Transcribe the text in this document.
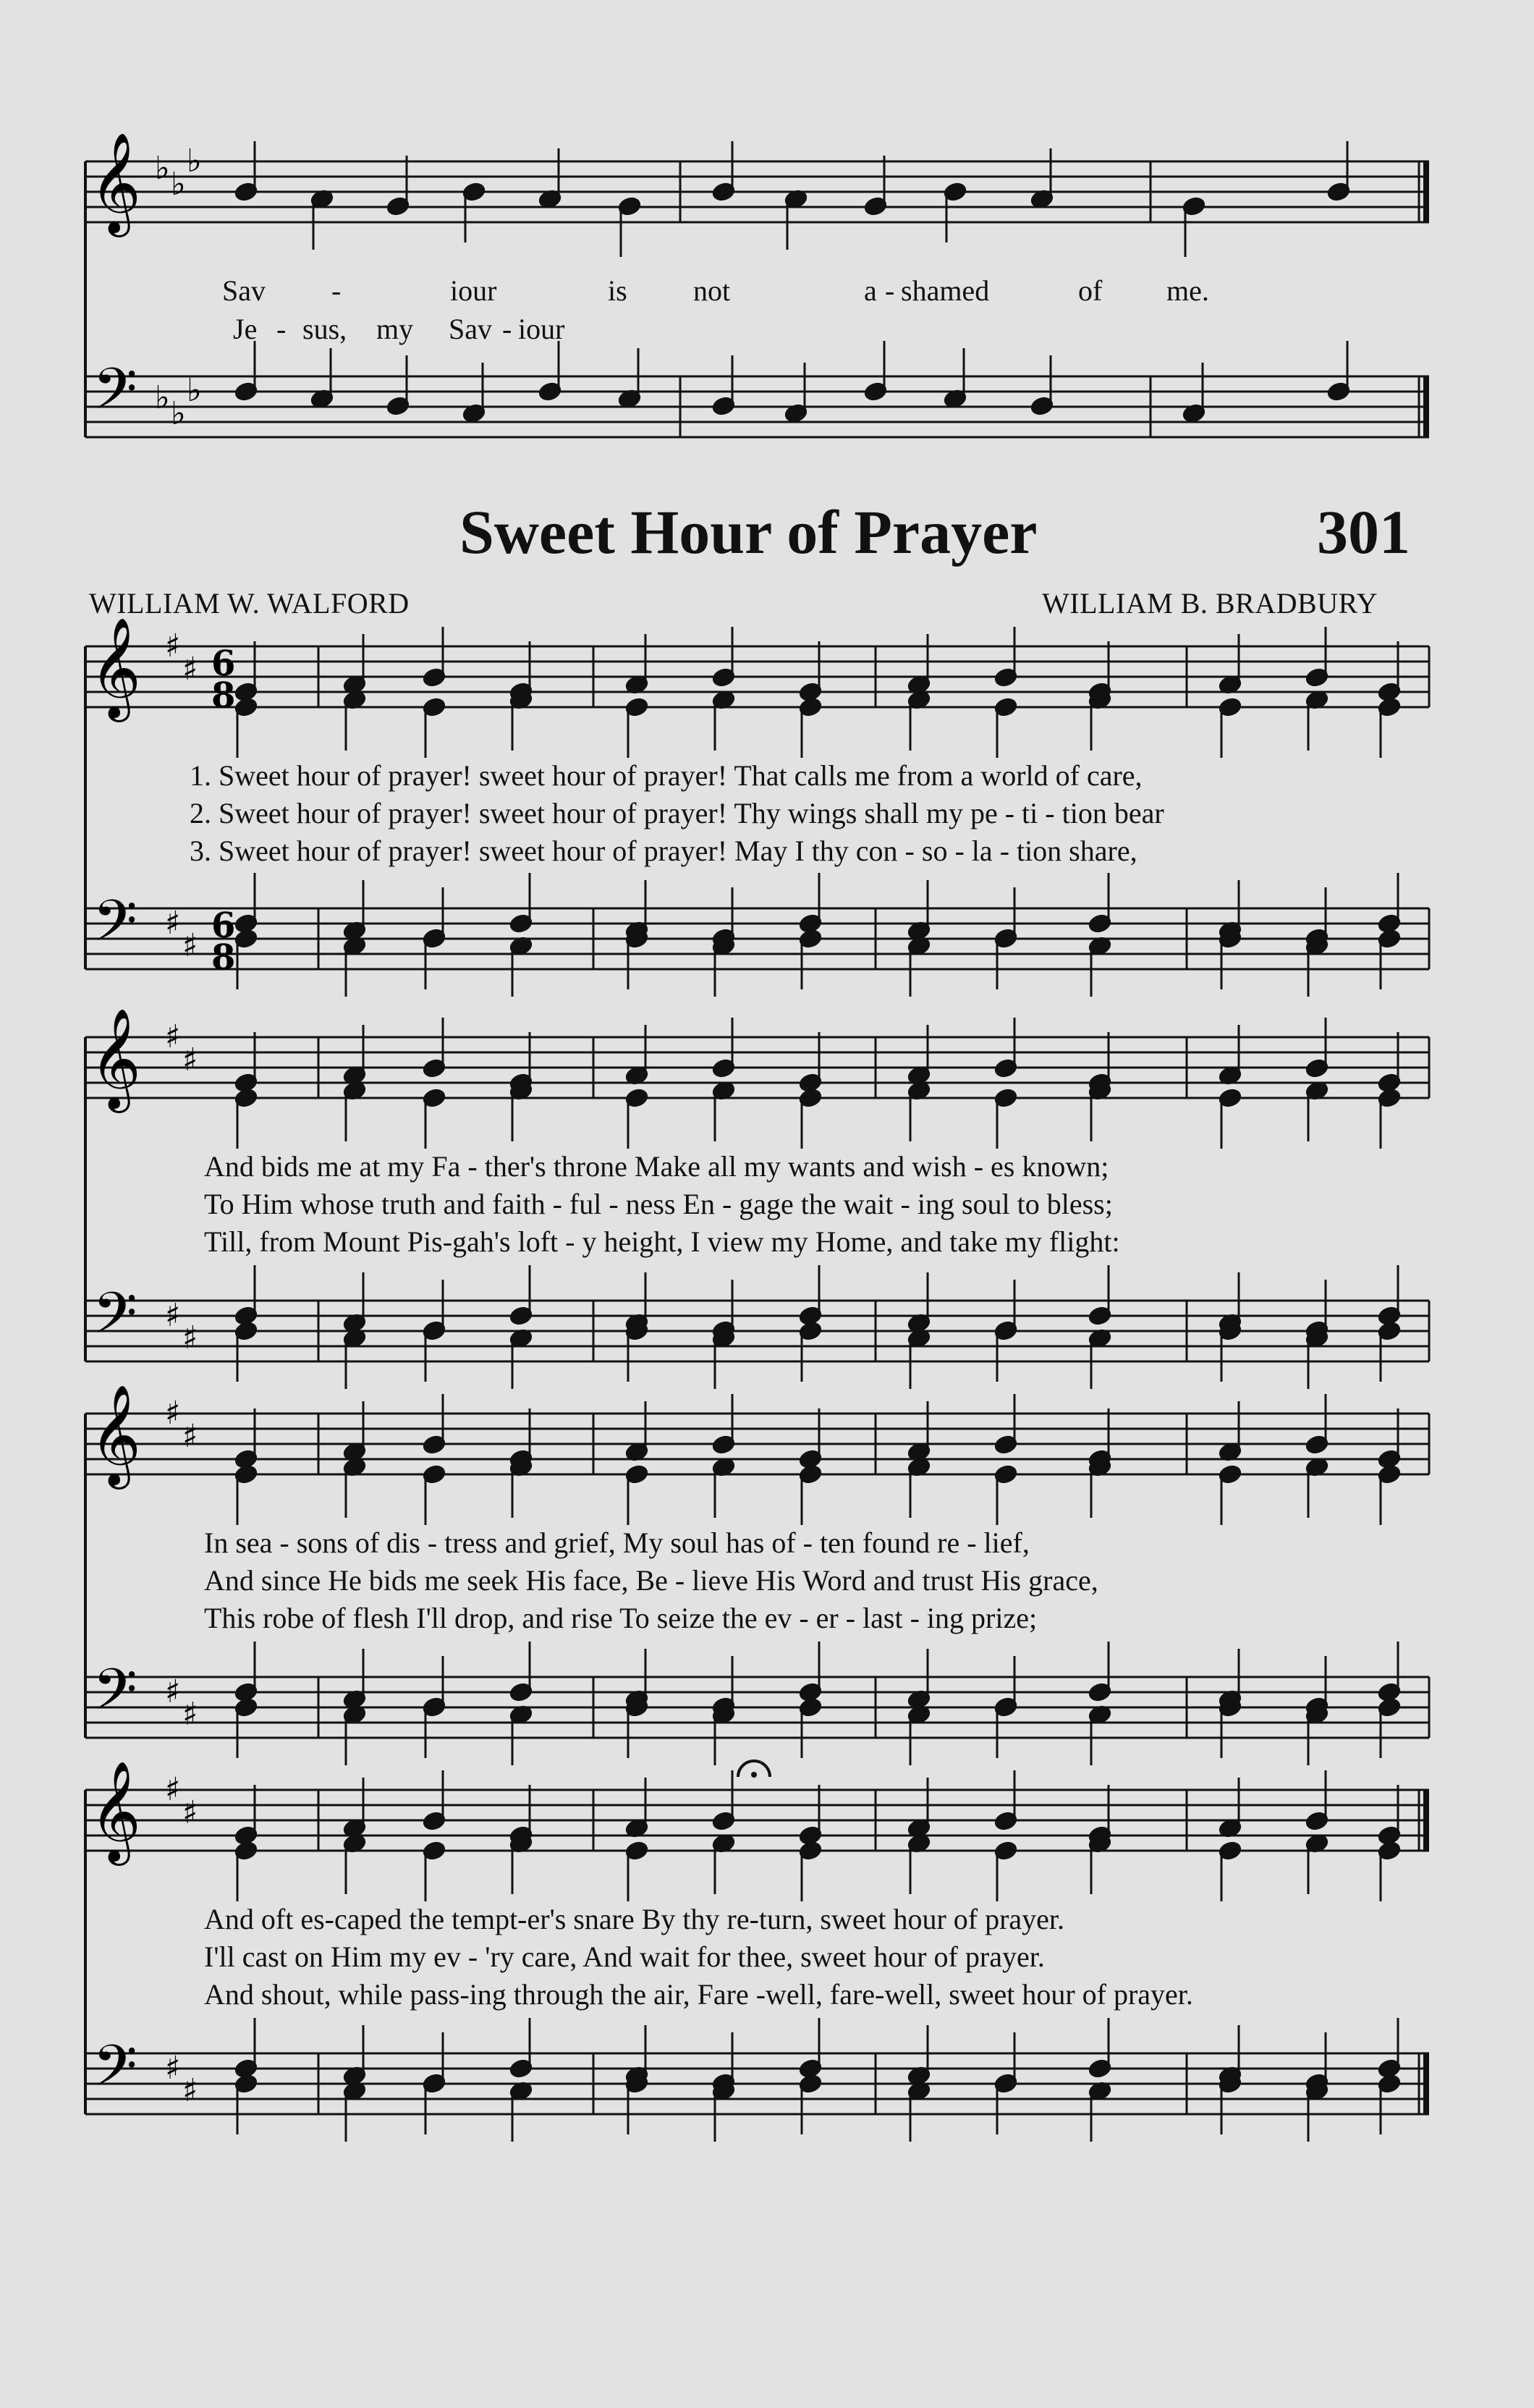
𝄞
𝄢
♭ ♭
♭
♭ ♭
♭
𝄞
𝄢
♯
♯
♯
♯
6
8
6
8
𝄞
𝄢
♯
♯
♯
♯
𝄞
𝄢
♯
♯
♯
♯
𝄞
𝄢
♯
♯
♯
♯
Sav -	iour	is not	a - shamed	of me.
Je - sus, my Sav - iour
Sweet Hour of Prayer	301
WILLIAM W. WALFORD	WILLIAM B. BRADBURY
1. Sweet hour of prayer! sweet hour of prayer! That calls me from a world of care,
2. Sweet hour of prayer! sweet hour of prayer! Thy wings shall my pe - ti - tion bear
3. Sweet hour of prayer! sweet hour of prayer! May I thy con - so - la - tion share,
And bids me at my Fa - ther's throne Make all my wants and wish - es known;
To Him whose truth and faith - ful - ness En - gage the wait - ing soul to bless;
Till, from Mount Pis-gah's loft - y height, I view my Home, and take my flight:
In sea - sons of dis - tress and grief, My soul has of - ten found re - lief,
And since He bids me seek His face, Be - lieve His Word and trust His grace,
This robe of flesh I'll drop, and rise To seize the ev - er - last - ing prize;
And oft es-caped the tempt-er's snare By thy re-turn, sweet hour of prayer.
I'll cast on Him my ev - 'ry care, And wait for thee, sweet hour of prayer.
And shout, while pass-ing through the air, Fare -well, fare-well, sweet hour of prayer.
